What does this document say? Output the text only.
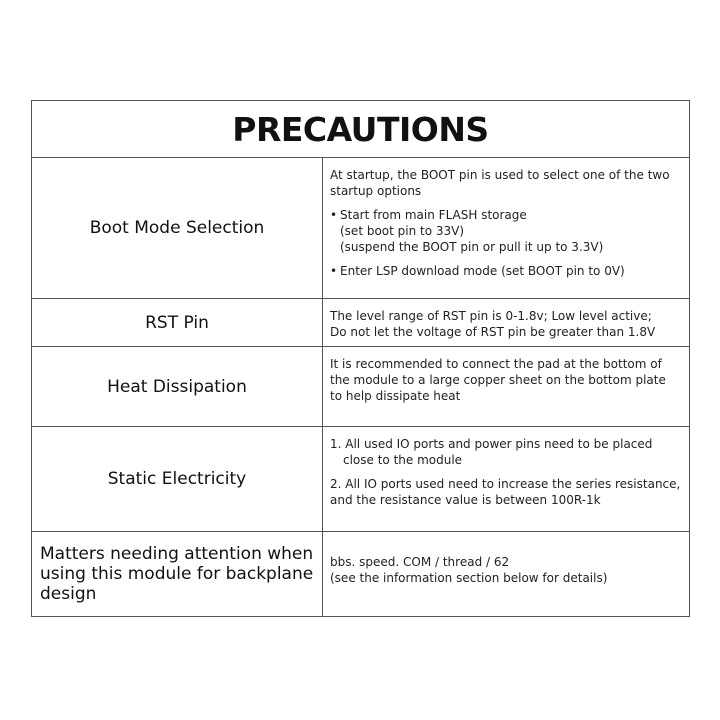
PRECAUTIONS
Boot Mode Selection

At startup, the BOOT pin is used to select one of the two startup options

• Start from main FLASH storage

(set boot pin to 33V)

(suspend the BOOT pin or pull it up to 3.3V)

• Enter LSP download mode (set BOOT pin to 0V)
RST Pin	The level range of RST pin is 0-1.8v; Low level active;

Do not let the voltage of RST pin be greater than 1.8V

Heat Dissipation

It is recommended to connect the pad at the bottom of

the module to a large copper sheet on the bottom plate

to help dissipate heat

Static Electricity

1. All used IO ports and power pins need to be placed

close to the module

2. All IO ports used need to increase the series resistance,

and the resistance value is between 100R-1k

Matters needing attention when using this module for backplane design

bbs. speed. COM / thread / 62

(see the information section below for details)
